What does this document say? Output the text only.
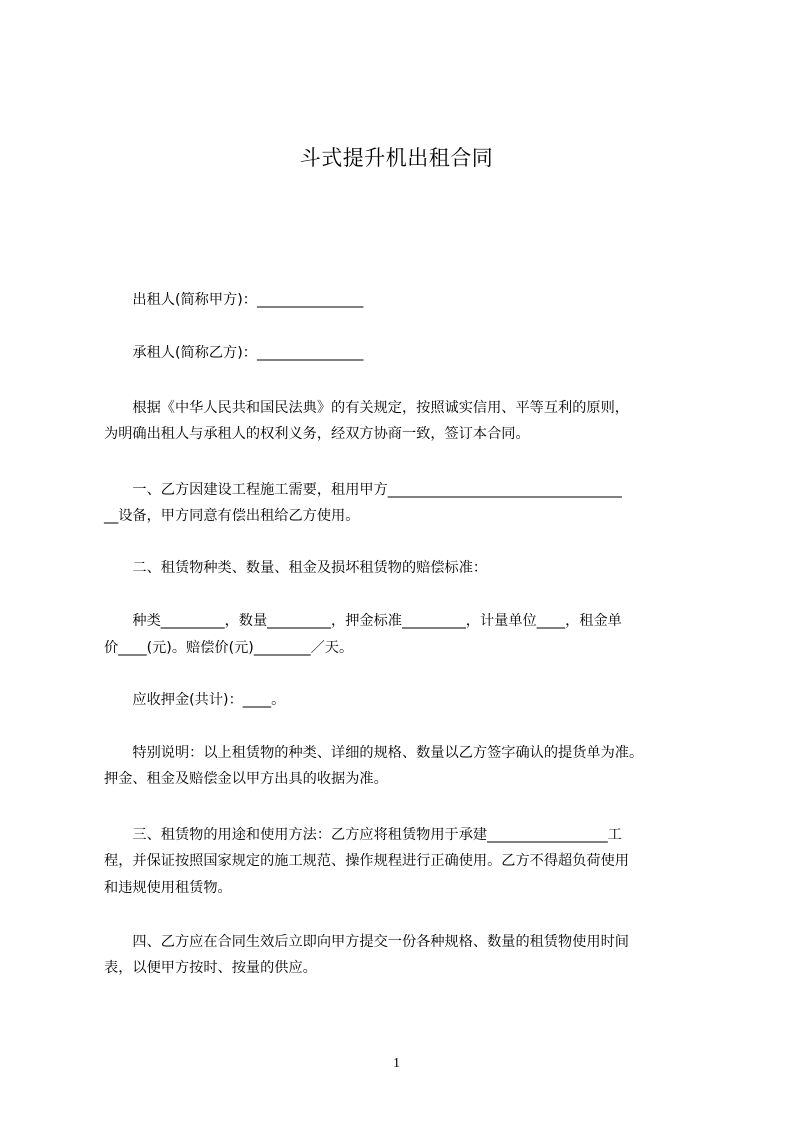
斗式提升机出租合同
　　出租人(简称甲方)：_______________
　　承租人(简称乙方)：_______________
　　根据《中华人民共和国民法典》的有关规定，按照诚实信用、平等互利的原则，
为明确出租人与承租人的权利义务，经双方协商一致，签订本合同。
　　一、乙方因建设工程施工需要，租用甲方_________________________________
__设备，甲方同意有偿出租给乙方使用。
　　二、租赁物种类、数量、租金及损坏租赁物的赔偿标准：
　　种类_________，数量_________，押金标准_________，计量单位____，租金单
价____(元)。赔偿价(元)________／天。
　　应收押金(共计)：____。
　　特别说明：以上租赁物的种类、详细的规格、数量以乙方签字确认的提货单为准。
押金、租金及赔偿金以甲方出具的收据为准。
　　三、租赁物的用途和使用方法：乙方应将租赁物用于承建_________________工
程，并保证按照国家规定的施工规范、操作规程进行正确使用。乙方不得超负荷使用
和违规使用租赁物。
　　四、乙方应在合同生效后立即向甲方提交一份各种规格、数量的租赁物使用时间
表，以便甲方按时、按量的供应。
1
